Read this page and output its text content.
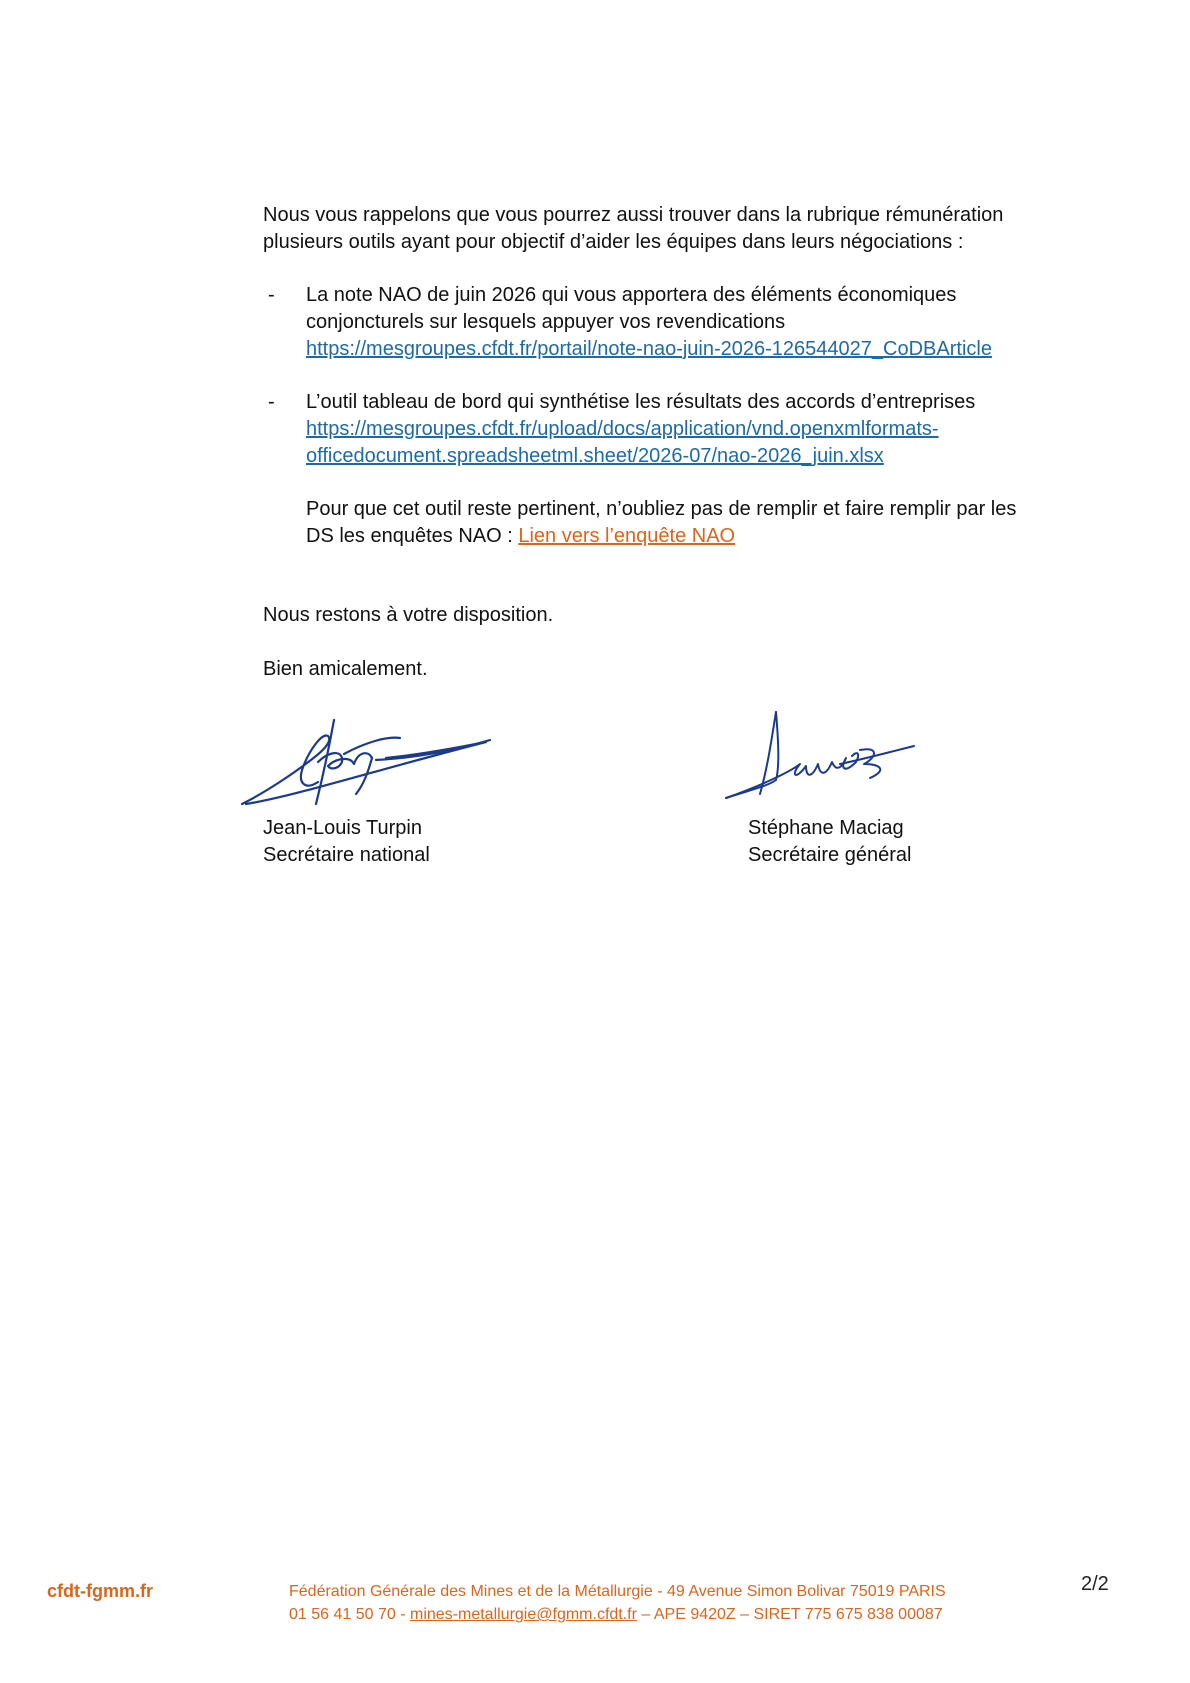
Nous vous rappelons que vous pourrez aussi trouver dans la rubrique rémunération
plusieurs outils ayant pour objectif d’aider les équipes dans leurs négociations :
- La note NAO de juin 2026 qui vous apportera des éléments économiques
conjoncturels sur lesquels appuyer vos revendications
https://mesgroupes.cfdt.fr/portail/note-nao-juin-2026-126544027_CoDBArticle
- L’outil tableau de bord qui synthétise les résultats des accords d’entreprises
https://mesgroupes.cfdt.fr/upload/docs/application/vnd.openxmlformats-
officedocument.spreadsheetml.sheet/2026-07/nao-2026_juin.xlsx
Pour que cet outil reste pertinent, n’oubliez pas de remplir et faire remplir par les
DS les enquêtes NAO : Lien vers l’enquête NAO
Nous restons à votre disposition.
Bien amicalement.
Jean-Louis Turpin
Secrétaire national
Stéphane Maciag
Secrétaire général
cfdt-fgmm.fr	Fédération Générale des Mines et de la Métallurgie - 49 Avenue Simon Bolivar 75019 PARIS
01 56 41 50 70 - mines-metallurgie@fgmm.cfdt.fr – APE 9420Z – SIRET 775 675 838 00087
2/2
